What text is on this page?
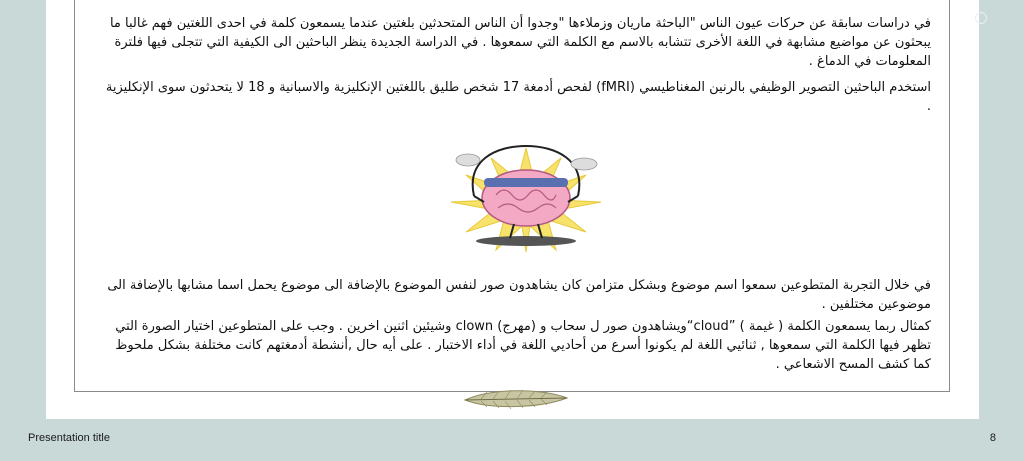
في دراسات سابقة عن حركات عيون الناس "الباحثة ماريان وزملاءها "وجدوا أن الناس المتحدثين بلغتين عندما يسمعون كلمة في احدى اللغتين فهم غالبا ما يبحثون عن مواضيع مشابهة في اللغة الأخرى تتشابه بالاسم مع الكلمة التي سمعوها . في الدراسة الجديدة ينظر الباحثين الى الكيفية التي تتجلى فيها فلترة المعلومات في الدماغ .

استخدم الباحثين التصوير الوظيفي بالرنين المغناطيسي (fMRI) لفحص أدمغة 17 شخص طليق باللغتين الإنكليزية والاسبانية و 18 لا يتحدثون سوى الإنكليزية .

في خلال التجربة المتطوعين سمعوا اسم موضوع وبشكل متزامن كان يشاهدون صور لنفس الموضوع بالإضافة الى موضوع يحمل اسما مشابها بالإضافة الى موضوعين مختلفين .

كمثال ربما يسمعون الكلمة ( غيمة ) ”cloud“ويشاهدون صور ل سحاب و (مهرج) clown وشيئين اثنين اخرين . وجب على المتطوعين اختيار الصورة التي تظهر فيها الكلمة التي سمعوها , ثنائيي اللغة لم يكونوا أسرع من أحاديي اللغة في أداء الاختبار . على أيه حال ,أنشطة أدمغتهم كانت مختلفة بشكل ملحوظ كما كشف المسح الاشعاعي .

Presentation title	8
